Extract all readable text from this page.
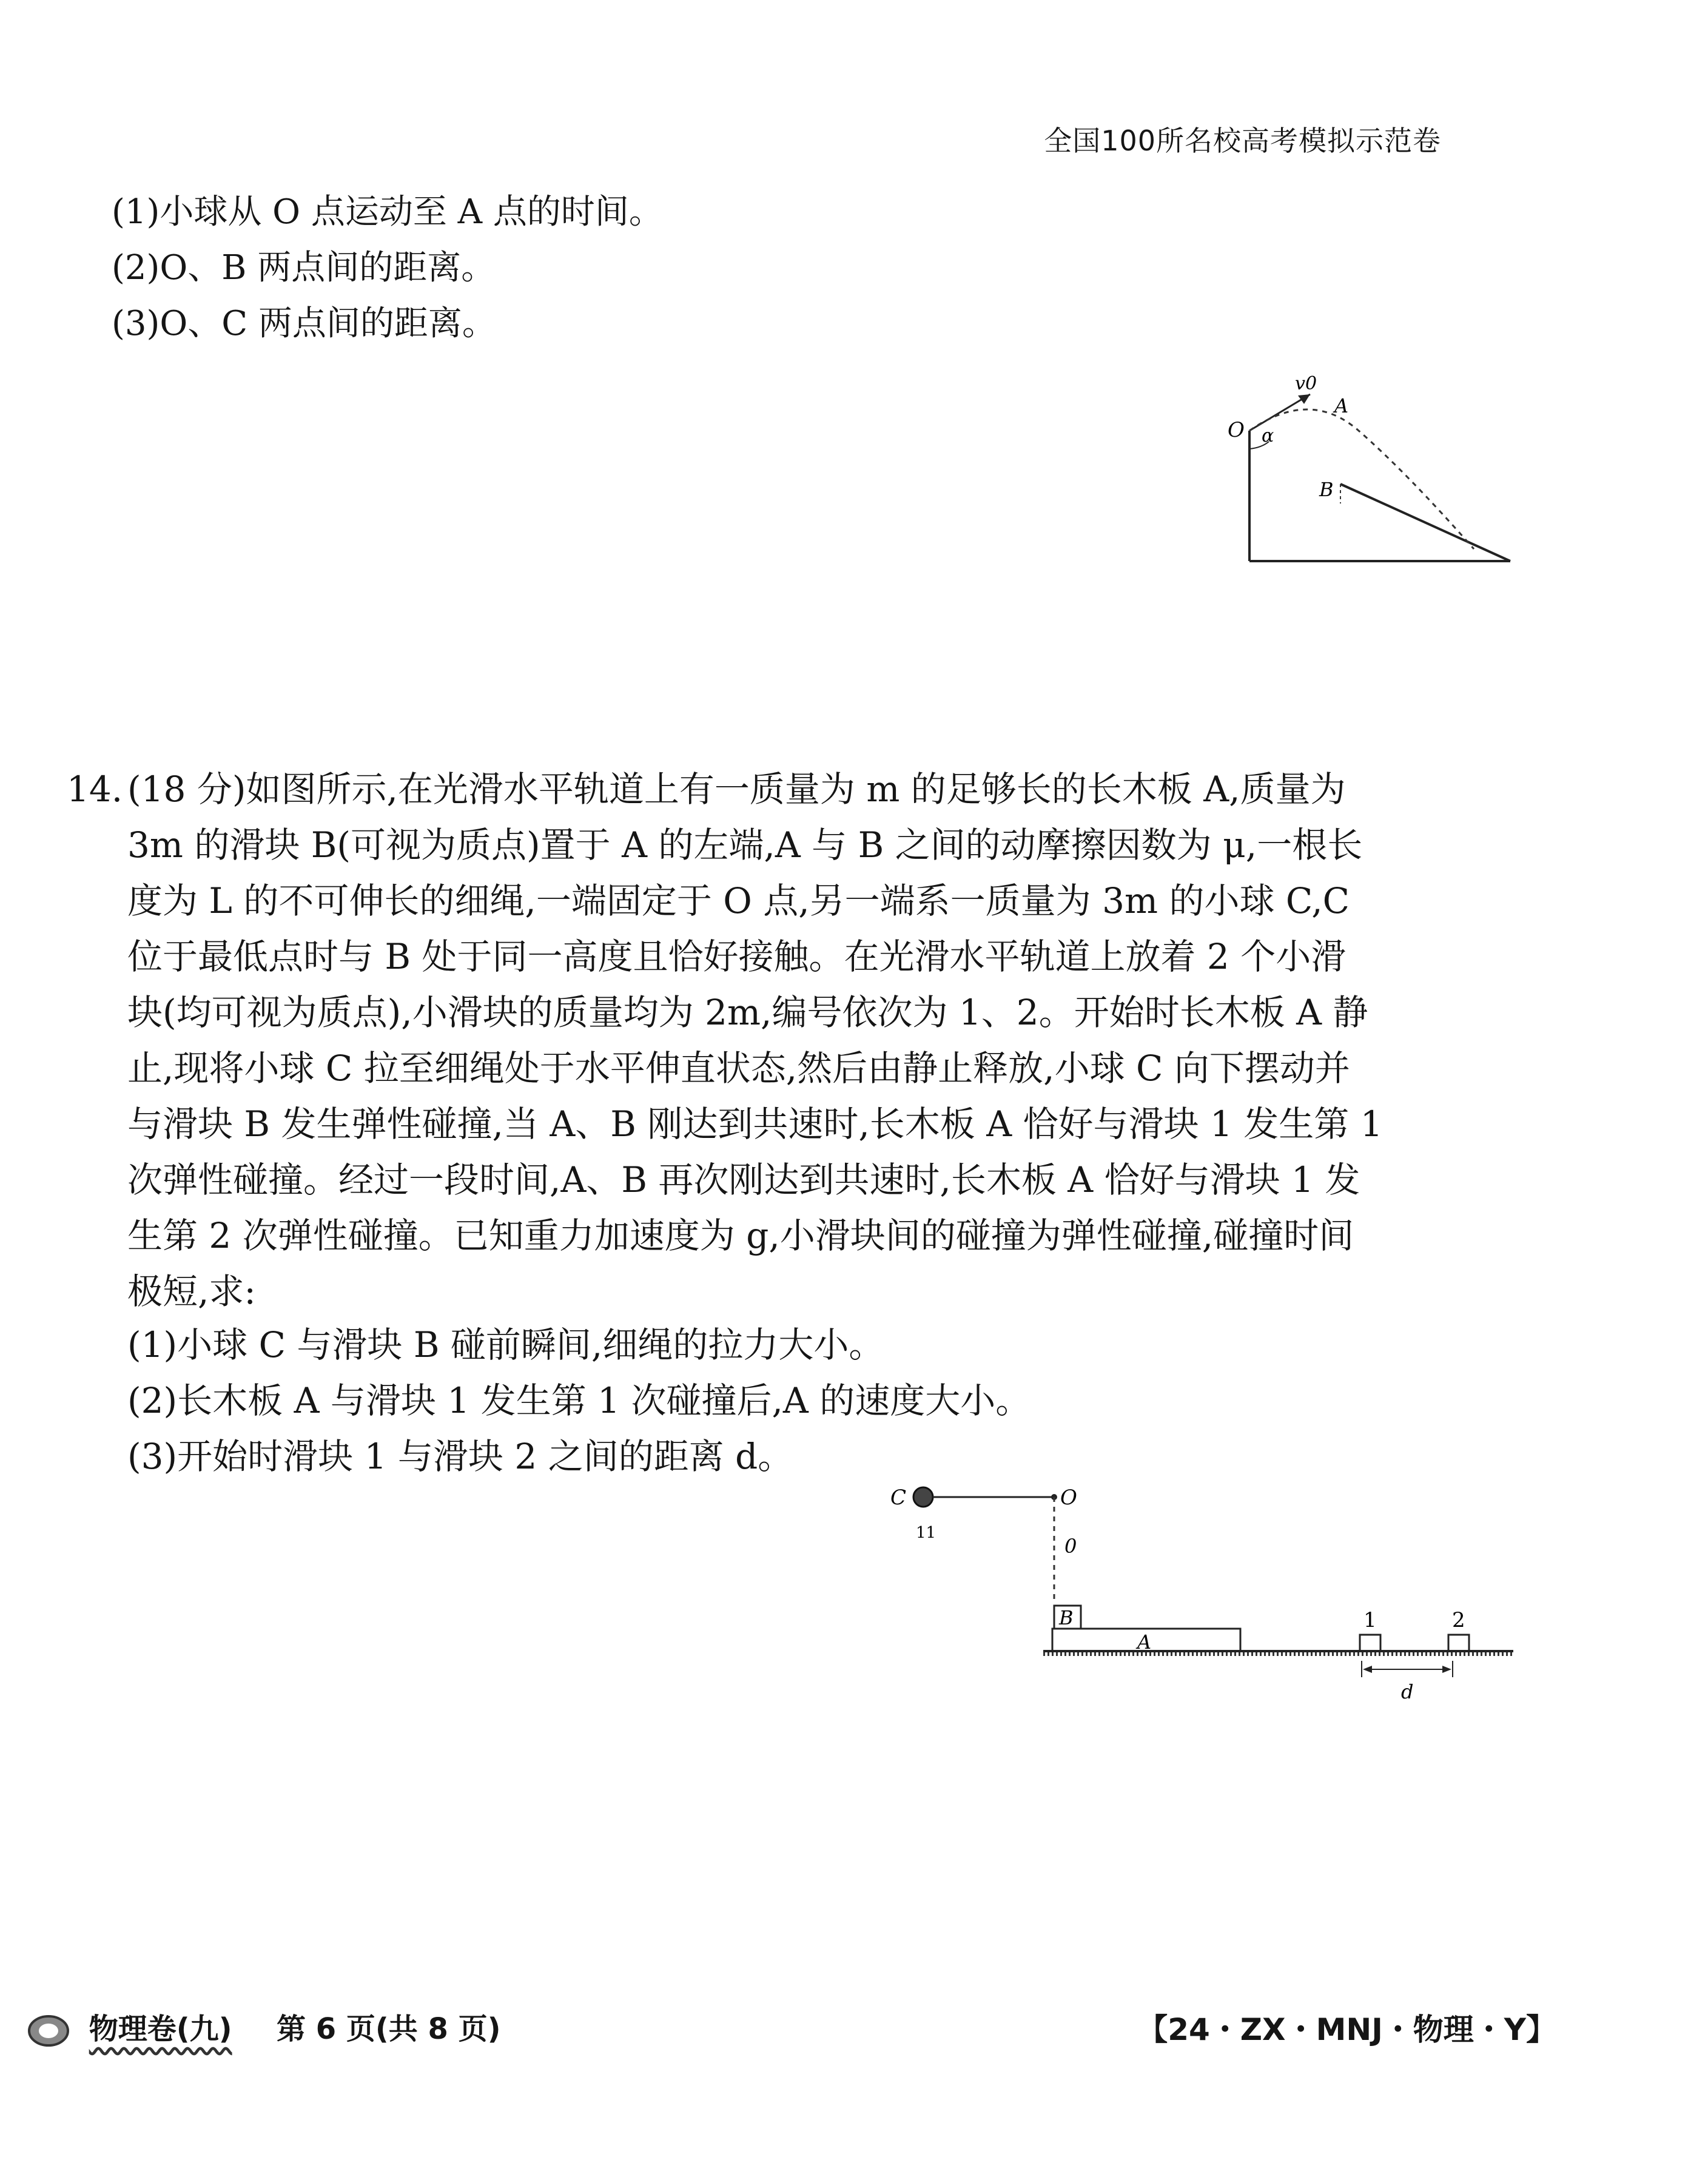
全国100所名校高考模拟示范卷
(1)小球从 O 点运动至 A 点的时间。
(2)O、B 两点间的距离。
(3)O、C 两点间的距离。
v0
O
A
B
α
14. (18 分)如图所示,在光滑水平轨道上有一质量为 m 的足够长的长木板 A,质量为
3m 的滑块 B(可视为质点)置于 A 的左端,A 与 B 之间的动摩擦因数为 μ,一根长
度为 L 的不可伸长的细绳,一端固定于 O 点,另一端系一质量为 3m 的小球 C,C
位于最低点时与 B 处于同一高度且恰好接触。在光滑水平轨道上放着 2 个小滑
块(均可视为质点),小滑块的质量均为 2m,编号依次为 1、2。开始时长木板 A 静
止,现将小球 C 拉至细绳处于水平伸直状态,然后由静止释放,小球 C 向下摆动并
与滑块 B 发生弹性碰撞,当 A、B 刚达到共速时,长木板 A 恰好与滑块 1 发生第 1
次弹性碰撞。经过一段时间,A、B 再次刚达到共速时,长木板 A 恰好与滑块 1 发
生第 2 次弹性碰撞。已知重力加速度为 g,小滑块间的碰撞为弹性碰撞,碰撞时间
极短,求:
(1)小球 C 与滑块 B 碰前瞬间,细绳的拉力大小。
(2)长木板 A 与滑块 1 发生第 1 次碰撞后,A 的速度大小。
(3)开始时滑块 1 与滑块 2 之间的距离 d。
C	O
B
A
1	2
d
11
0
物理卷(九) 第 6 页(共 8 页)	【24・ZX・MNJ・物理・Y】
